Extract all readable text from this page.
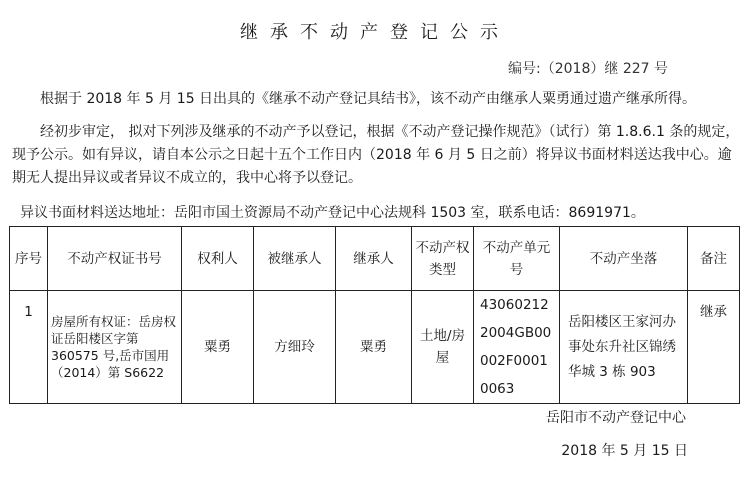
继承不动产登记公示
编号:（2018）继 227 号
根据于 2018 年 5 月 15 日出具的《继承不动产登记具结书》，该不动产由继承人粟勇通过遗产继承所得。
经初步审定， 拟对下列涉及继承的不动产予以登记，根据《不动产登记操作规范》（试行）第 1.8.6.1 条的规定，现予公示。如有异议，请自本公示之日起十五个工作日内（2018 年 6 月 5 日之前）将异议书面材料送达我中心。逾期无人提出异议或者异议不成立的，我中心将予以登记。
异议书面材料送达地址：岳阳市国土资源局不动产登记中心法规科 1503 室，联系电话：8691971。
序号	不动产权证书号	权利人	被继承人	继承人	不动产权类型	不动产单元号	不动产坐落	备注
1	房屋所有权证：岳房权证岳阳楼区字第 360575 号,岳市国用（2014）第 S6622	粟勇	方细玲	粟勇	土地/房屋	430602122004GB00002F00010063	岳阳楼区王家河办事处东升社区锦绣华城 3 栋 903	继承
岳阳市不动产登记中心
2018 年 5 月 15 日
